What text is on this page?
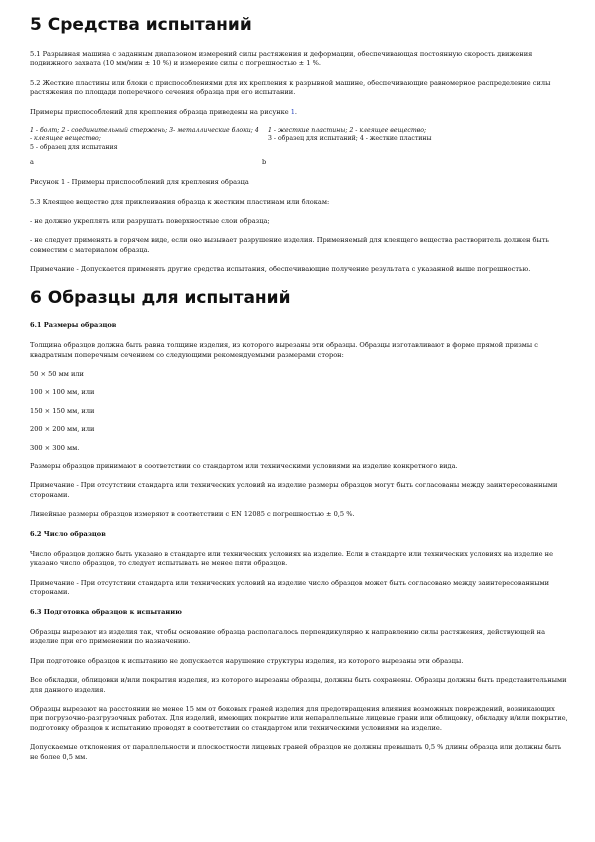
5 Средства испытаний

5.1 Разрывная машина с заданным диапазоном измерений силы растяжения и деформации, обеспечивающая постоянную скорость движения подвижного захвата (10 мм/мин ± 10 %) и измерение силы с погрешностью ± 1 %.

5.2 Жесткие пластины или блоки с приспособлениями для их крепления к разрывной машине, обеспечивающие равномерное распределение силы растяжения по площади поперечного сечения образца при его испытании.

Примеры приспособлений для крепления образца приведены на рисунке 1.

1 - болт; 2 - соединительный стержень; 3- металлические блоки; 4 - клеящее вещество;
5 - образец для испытания	1 - жесткие пластины; 2 - клеящее вещество;
3 - образец для испытаний; 4 - жесткие пластины
а	b

Рисунок 1 - Примеры приспособлений для крепления образца

5.3 Клеящее вещество для приклеивания образца к жестким пластинам или блокам:

- не должно укреплять или разрушать поверхностные слои образца;

- не следует применять в горячем виде, если оно вызывает разрушение изделия. Применяемый для клеящего вещества растворитель должен быть совместим с материалом образца.

Примечание - Допускается применять другие средства испытания, обеспечивающие получение результата с указанной выше погрешностью.

6 Образцы для испытаний
6.1 Размеры образцов

Толщина образцов должна быть равна толщине изделия, из которого вырезаны эти образцы. Образцы изготавливают в форме прямой призмы с квадратным поперечным сечением со следующими рекомендуемыми размерами сторон:

50 × 50 мм или

100 × 100 мм, или

150 × 150 мм, или

200 × 200 мм, или

300 × 300 мм.

Размеры образцов принимают в соответствии со стандартом или техническими условиями на изделие конкретного вида.

Примечание - При отсутствии стандарта или технических условий на изделие размеры образцов могут быть согласованы между заинтересованными сторонами.

Линейные размеры образцов измеряют в соответствии с EN 12085 с погрешностью ± 0,5 %.

6.2 Число образцов

Число образцов должно быть указано в стандарте или технических условиях на изделие. Если в стандарте или технических условиях на изделие не указано число образцов, то следует испытывать не менее пяти образцов.

Примечание - При отсутствии стандарта или технических условий на изделие число образцов может быть согласовано между заинтересованными сторонами.

6.3 Подготовка образцов к испытанию

Образцы вырезают из изделия так, чтобы основание образца располагалось перпендикулярно к направлению силы растяжения, действующей на изделие при его применении по назначению.

При подготовке образцов к испытанию не допускается нарушение структуры изделия, из которого вырезаны эти образцы.

Все обкладки, облицовки и/или покрытия изделия, из которого вырезаны образцы, должны быть сохранены. Образцы должны быть представительными для данного изделия.

Образцы вырезают на расстоянии не менее 15 мм от боковых граней изделия для предотвращения влияния возможных повреждений, возникающих при погрузочно-разгрузочных работах. Для изделий, имеющих покрытие или непараллельные лицевые грани или облицовку, обкладку и/или покрытие, подготовку образцов к испытанию проводят в соответствии со стандартом или техническими условиями на изделие.

Допускаемые отклонения от параллельности и плоскостности лицевых граней образцов не должны превышать 0,5 % длины образца или должны быть не более 0,5 мм.
